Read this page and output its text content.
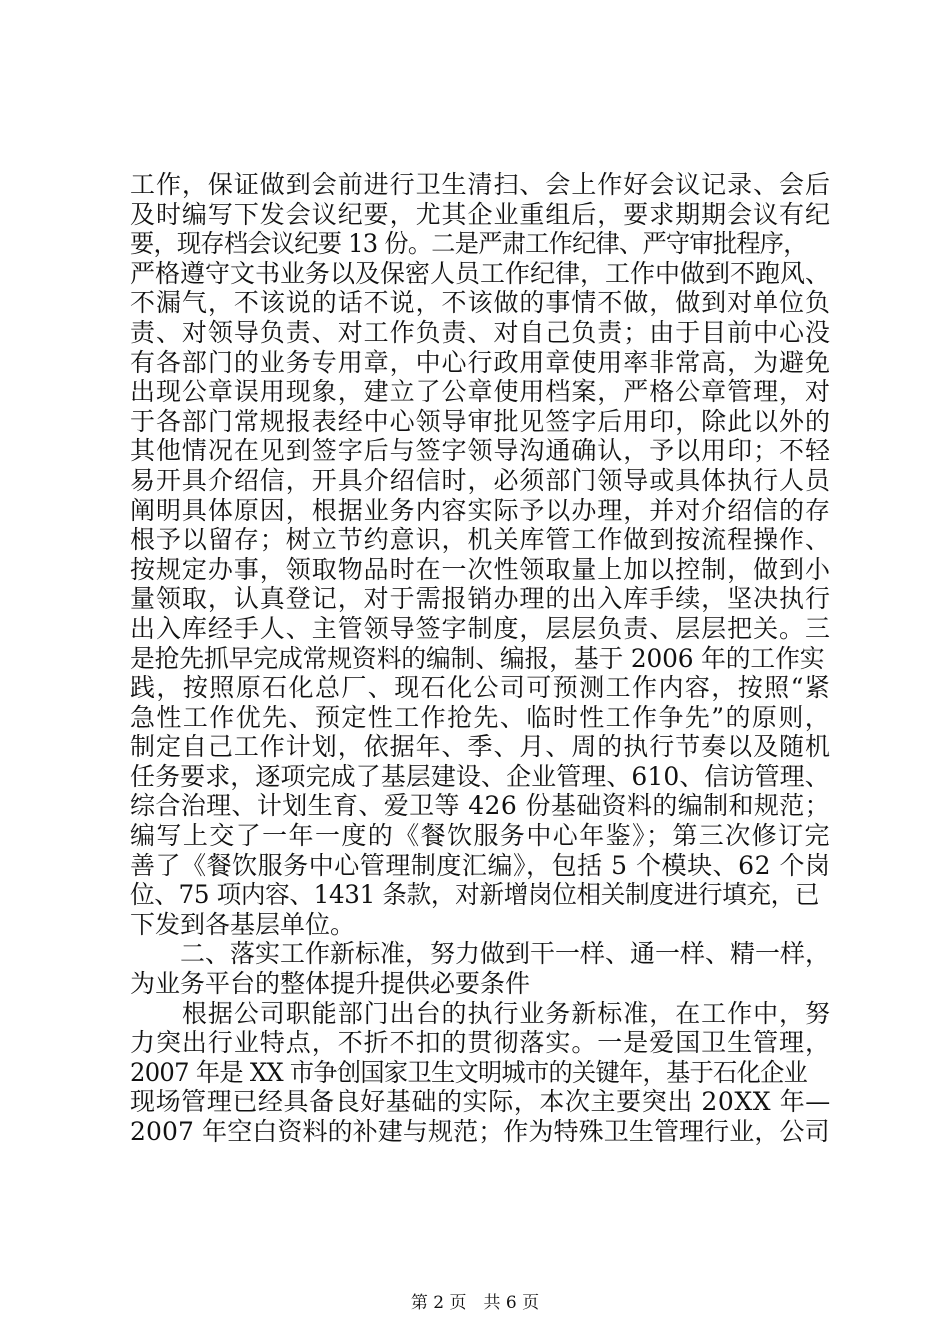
工作，保证做到会前进行卫生清扫、会上作好会议记录、会后
及时编写下发会议纪要，尤其企业重组后，要求期期会议有纪
要，现存档会议纪要 13 份。二是严肃工作纪律、严守审批程序，
严格遵守文书业务以及保密人员工作纪律，工作中做到不跑风、
不漏气，不该说的话不说，不该做的事情不做，做到对单位负
责、对领导负责、对工作负责、对自己负责；由于目前中心没
有各部门的业务专用章，中心行政用章使用率非常高，为避免
出现公章误用现象，建立了公章使用档案，严格公章管理，对
于各部门常规报表经中心领导审批见签字后用印，除此以外的
其他情况在见到签字后与签字领导沟通确认，予以用印；不轻
易开具介绍信，开具介绍信时，必须部门领导或具体执行人员
阐明具体原因，根据业务内容实际予以办理，并对介绍信的存
根予以留存；树立节约意识，机关库管工作做到按流程操作、
按规定办事，领取物品时在一次性领取量上加以控制，做到小
量领取，认真登记，对于需报销办理的出入库手续，坚决执行
出入库经手人、主管领导签字制度，层层负责、层层把关。三
是抢先抓早完成常规资料的编制、编报，基于 2006 年的工作实
践，按照原石化总厂、现石化公司可预测工作内容，按照“紧
急性工作优先、预定性工作抢先、临时性工作争先”的原则，
制定自己工作计划，依据年、季、月、周的执行节奏以及随机
任务要求，逐项完成了基层建设、企业管理、610、信访管理、
综合治理、计划生育、爱卫等 426 份基础资料的编制和规范；
编写上交了一年一度的《餐饮服务中心年鉴》；第三次修订完
善了《餐饮服务中心管理制度汇编》，包括 5 个模块、62 个岗
位、75 项内容、1431 条款，对新增岗位相关制度进行填充，已
下发到各基层单位。
　　二、落实工作新标准，努力做到干一样、通一样、精一样，
为业务平台的整体提升提供必要条件
　　根据公司职能部门出台的执行业务新标准，在工作中，努
力突出行业特点，不折不扣的贯彻落实。一是爱国卫生管理，
2007 年是 XX 市争创国家卫生文明城市的关键年，基于石化企业
现场管理已经具备良好基础的实际，本次主要突出 20XX 年—
2007 年空白资料的补建与规范；作为特殊卫生管理行业，公司
第 2 页　共 6 页
